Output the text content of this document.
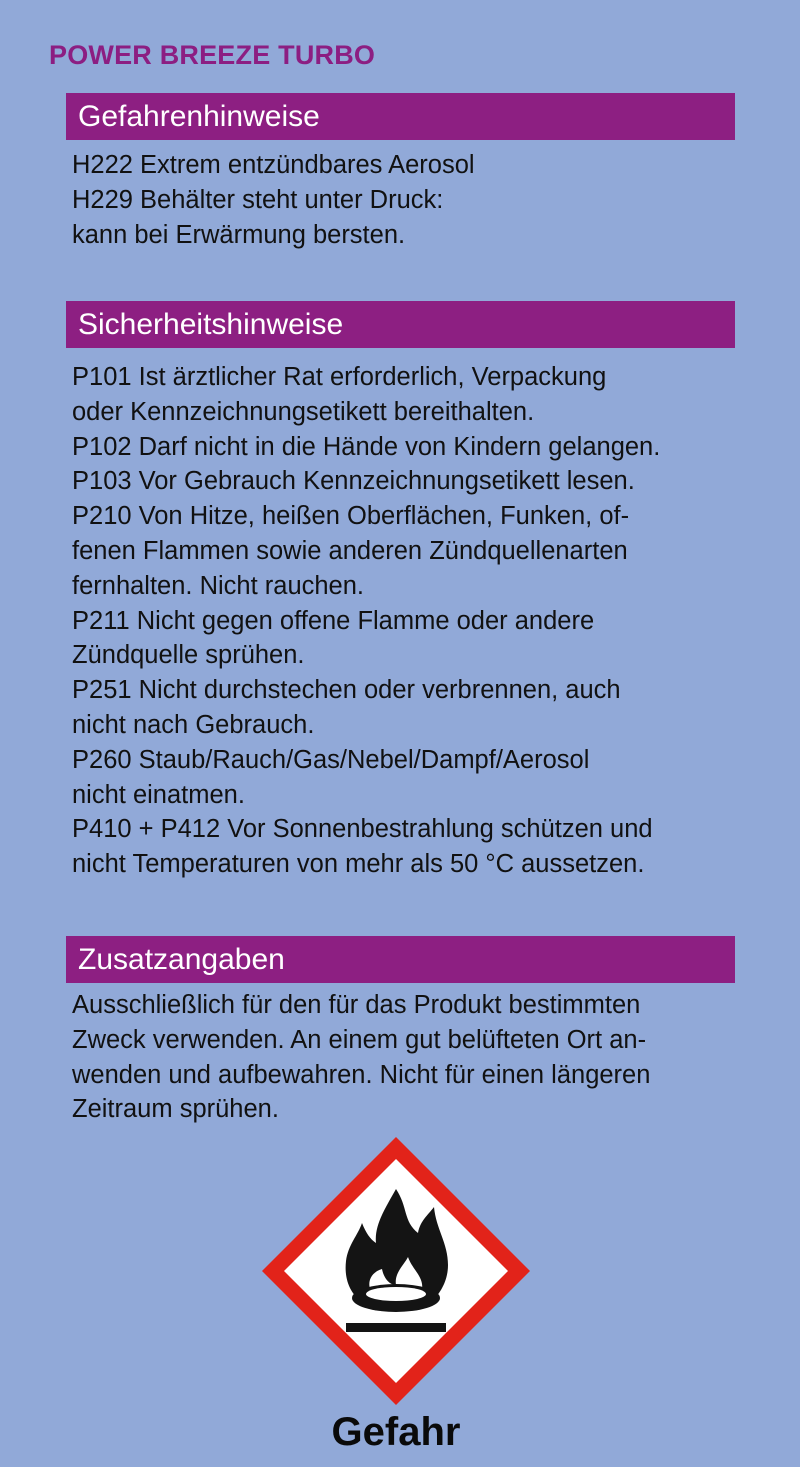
POWER BREEZE TURBO
Gefahrenhinweise
H222 Extrem entzündbares Aerosol
H229 Behälter steht unter Druck:
kann bei Erwärmung bersten.
Sicherheitshinweise
P101 Ist ärztlicher Rat erforderlich, Verpackung
oder Kennzeichnungsetikett bereithalten.
P102 Darf nicht in die Hände von Kindern gelangen.
P103 Vor Gebrauch Kennzeichnungsetikett lesen.
P210 Von Hitze, heißen Oberflächen, Funken, of-
fenen Flammen sowie anderen Zündquellenarten
fernhalten. Nicht rauchen.
P211 Nicht gegen offene Flamme oder andere
Zündquelle sprühen.
P251 Nicht durchstechen oder verbrennen, auch
nicht nach Gebrauch.
P260 Staub/Rauch/Gas/Nebel/Dampf/Aerosol
nicht einatmen.
P410 + P412 Vor Sonnenbestrahlung schützen und
nicht Temperaturen von mehr als 50 °C aussetzen.
Zusatzangaben
Ausschließlich für den für das Produkt bestimmten
Zweck verwenden. An einem gut belüfteten Ort an-
wenden und aufbewahren. Nicht für einen längeren
Zeitraum sprühen.
Gefahr
